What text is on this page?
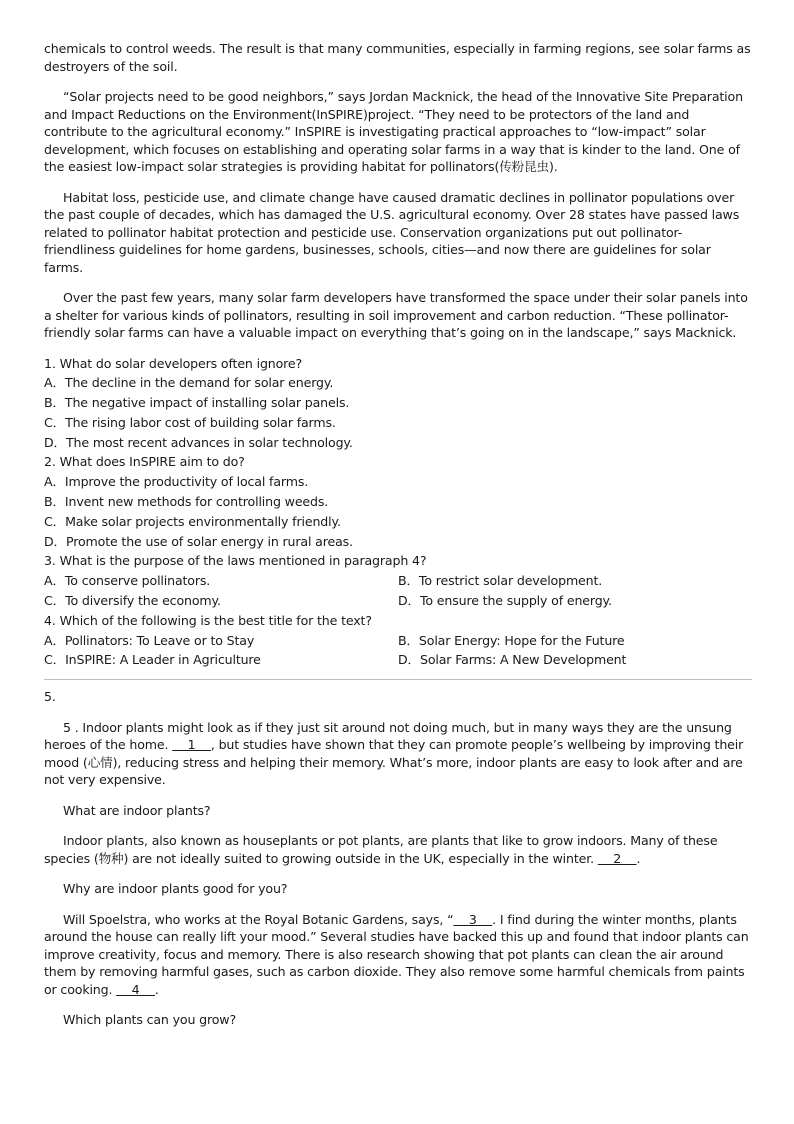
chemicals to control weeds. The result is that many communities, especially in farming regions, see solar farms as destroyers of the soil.

“Solar projects need to be good neighbors,” says Jordan Macknick, the head of the Innovative Site Preparation and Impact Reductions on the Environment(InSPIRE)project. “They need to be protectors of the land and contribute to the agricultural economy.” InSPIRE is investigating practical approaches to “low-impact” solar development, which focuses on establishing and operating solar farms in a way that is kinder to the land. One of the easiest low-impact solar strategies is providing habitat for pollinators(传粉昆虫).

Habitat loss, pesticide use, and climate change have caused dramatic declines in pollinator populations over the past couple of decades, which has damaged the U.S. agricultural economy. Over 28 states have passed laws related to pollinator habitat protection and pesticide use. Conservation organizations put out pollinator-friendliness guidelines for home gardens, businesses, schools, cities—and now there are guidelines for solar farms.

Over the past few years, many solar farm developers have transformed the space under their solar panels into a shelter for various kinds of pollinators, resulting in soil improvement and carbon reduction. “These pollinator-friendly solar farms can have a valuable impact on everything that’s going on in the landscape,” says Macknick.

1. What do solar developers often ignore?
A．The decline in the demand for solar energy.
B．The negative impact of installing solar panels.
C．The rising labor cost of building solar farms.
D．The most recent advances in solar technology.
2. What does InSPIRE aim to do?
A．Improve the productivity of local farms.
B．Invent new methods for controlling weeds.
C．Make solar projects environmentally friendly.
D．Promote the use of solar energy in rural areas.
3. What is the purpose of the laws mentioned in paragraph 4?
A．To conserve pollinators.	B．To restrict solar development.
C．To diversify the economy.	D．To ensure the supply of energy.
4. Which of the following is the best title for the text?
A．Pollinators: To Leave or to Stay	B．Solar Energy: Hope for the Future
C．InSPIRE: A Leader in Agriculture	D．Solar Farms: A New Development
5.

5 . Indoor plants might look as if they just sit around not doing much, but in many ways they are the unsung heroes of the home.     1    , but studies have shown that they can promote people’s wellbeing by improving their mood (心情), reducing stress and helping their memory. What’s more, indoor plants are easy to look after and are not very expensive.

What are indoor plants?

Indoor plants, also known as houseplants or pot plants, are plants that like to grow indoors. Many of these species (物种) are not ideally suited to growing outside in the UK, especially in the winter.     2    .

Why are indoor plants good for you?

Will Spoelstra, who works at the Royal Botanic Gardens, says, “    3    . I find during the winter months, plants around the house can really lift your mood.” Several studies have backed this up and found that indoor plants can improve creativity, focus and memory. There is also research showing that pot plants can clean the air around them by removing harmful gases, such as carbon dioxide. They also remove some harmful chemicals from paints or cooking.     4    .

Which plants can you grow?
